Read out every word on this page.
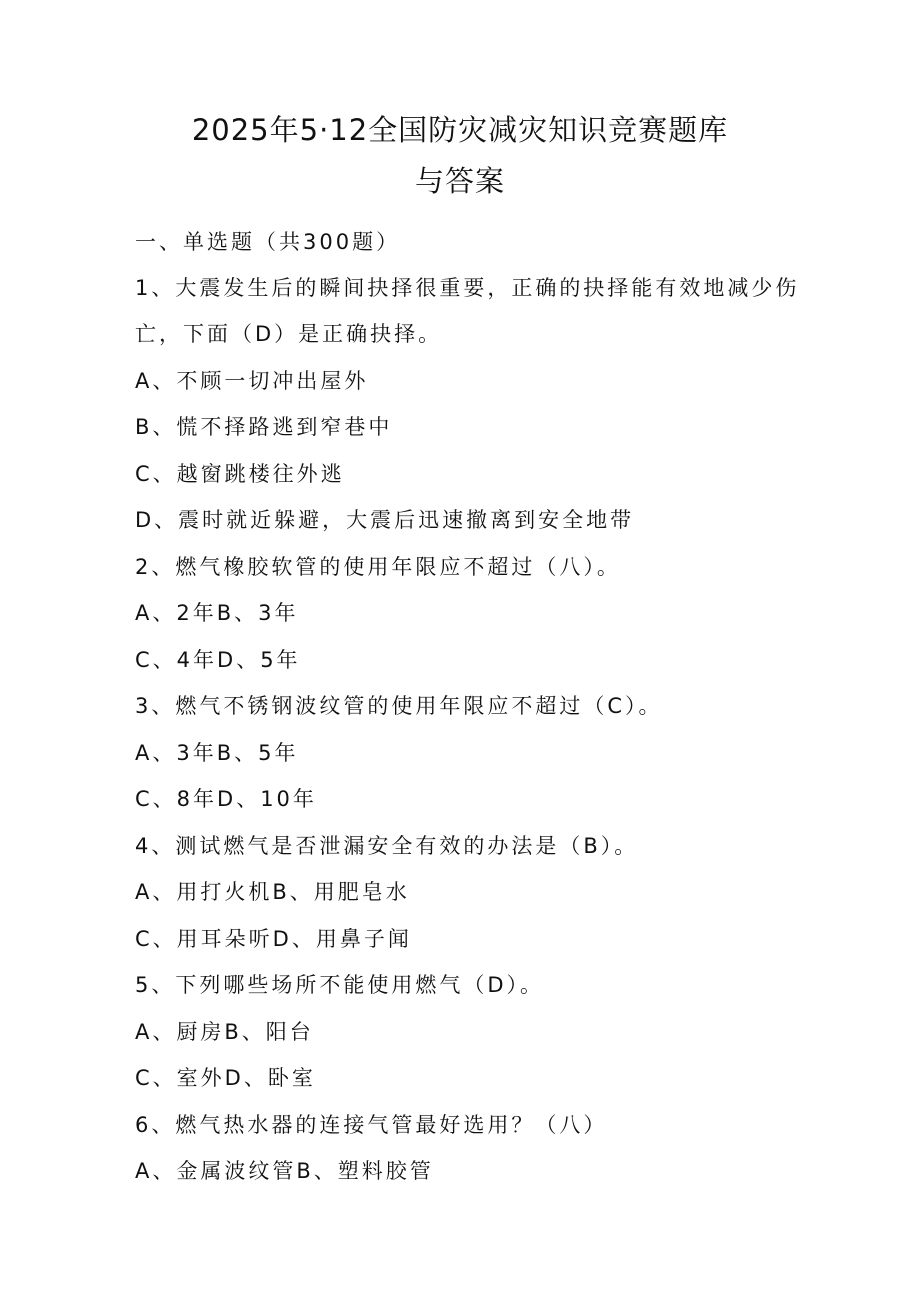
2025年5·12全国防灾减灾知识竞赛题库
与答案
一、单选题（共300题）
1、大震发生后的瞬间抉择很重要，正确的抉择能有效地减少伤
亡，下面（D）是正确抉择。
A、不顾一切冲出屋外
B、慌不择路逃到窄巷中
C、越窗跳楼往外逃
D、震时就近躲避，大震后迅速撤离到安全地带
2、燃气橡胶软管的使用年限应不超过（八）。
A、2年B、3年
C、4年D、5年
3、燃气不锈钢波纹管的使用年限应不超过（C）。
A、3年B、5年
C、8年D、10年
4、测试燃气是否泄漏安全有效的办法是（B）。
A、用打火机B、用肥皂水
C、用耳朵听D、用鼻子闻
5、下列哪些场所不能使用燃气（D）。
A、厨房B、阳台
C、室外D、卧室
6、燃气热水器的连接气管最好选用？（八）
A、金属波纹管B、塑料胶管
